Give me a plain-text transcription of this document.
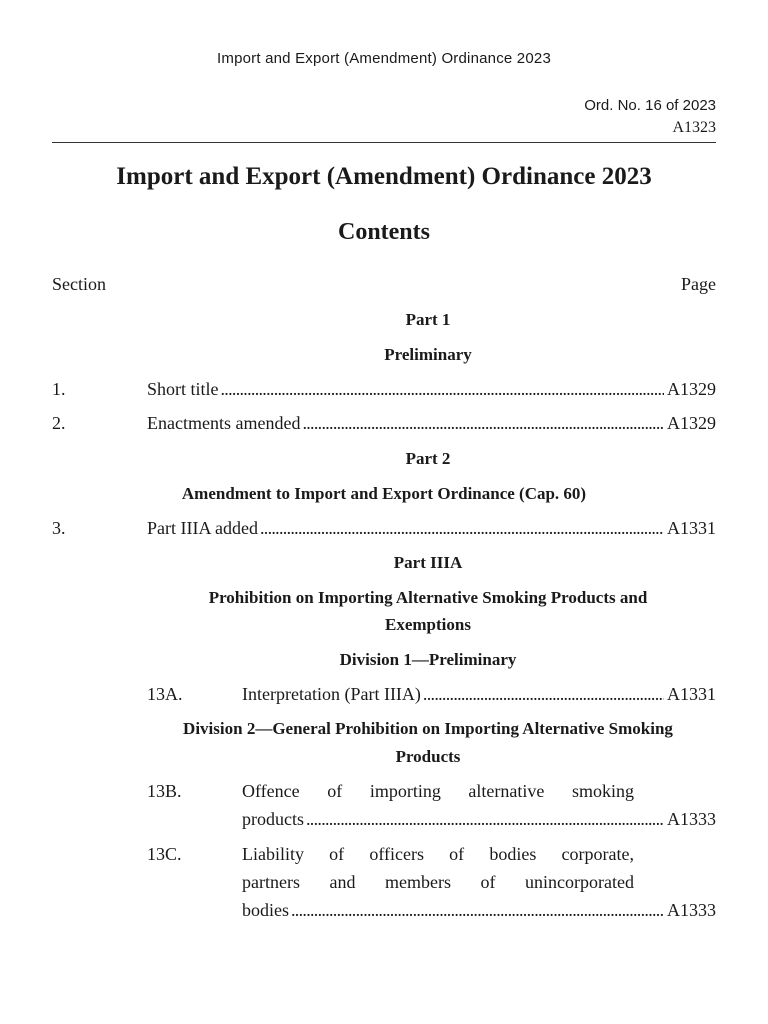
Import and Export (Amendment) Ordinance 2023
Ord. No. 16 of 2023
A1323
Import and Export (Amendment) Ordinance 2023
Contents
Section	Page
Part 1
Preliminary
1.	Short title . . .	A1329
2.	Enactments amended . . .	A1329
Part 2
Amendment to Import and Export Ordinance (Cap. 60)
3.	Part IIIA added . . .	A1331
Part IIIA
Prohibition on Importing Alternative Smoking Products and
Exemptions
Division 1—Preliminary
13A.	Interpretation (Part IIIA) . . .	A1331
Division 2—General Prohibition on Importing Alternative Smoking
Products
13B.	Offence of importing alternative smoking
products . . .	A1333
13C.	Liability of officers of bodies corporate,
partners and members of unincorporated
bodies . . .	A1333
